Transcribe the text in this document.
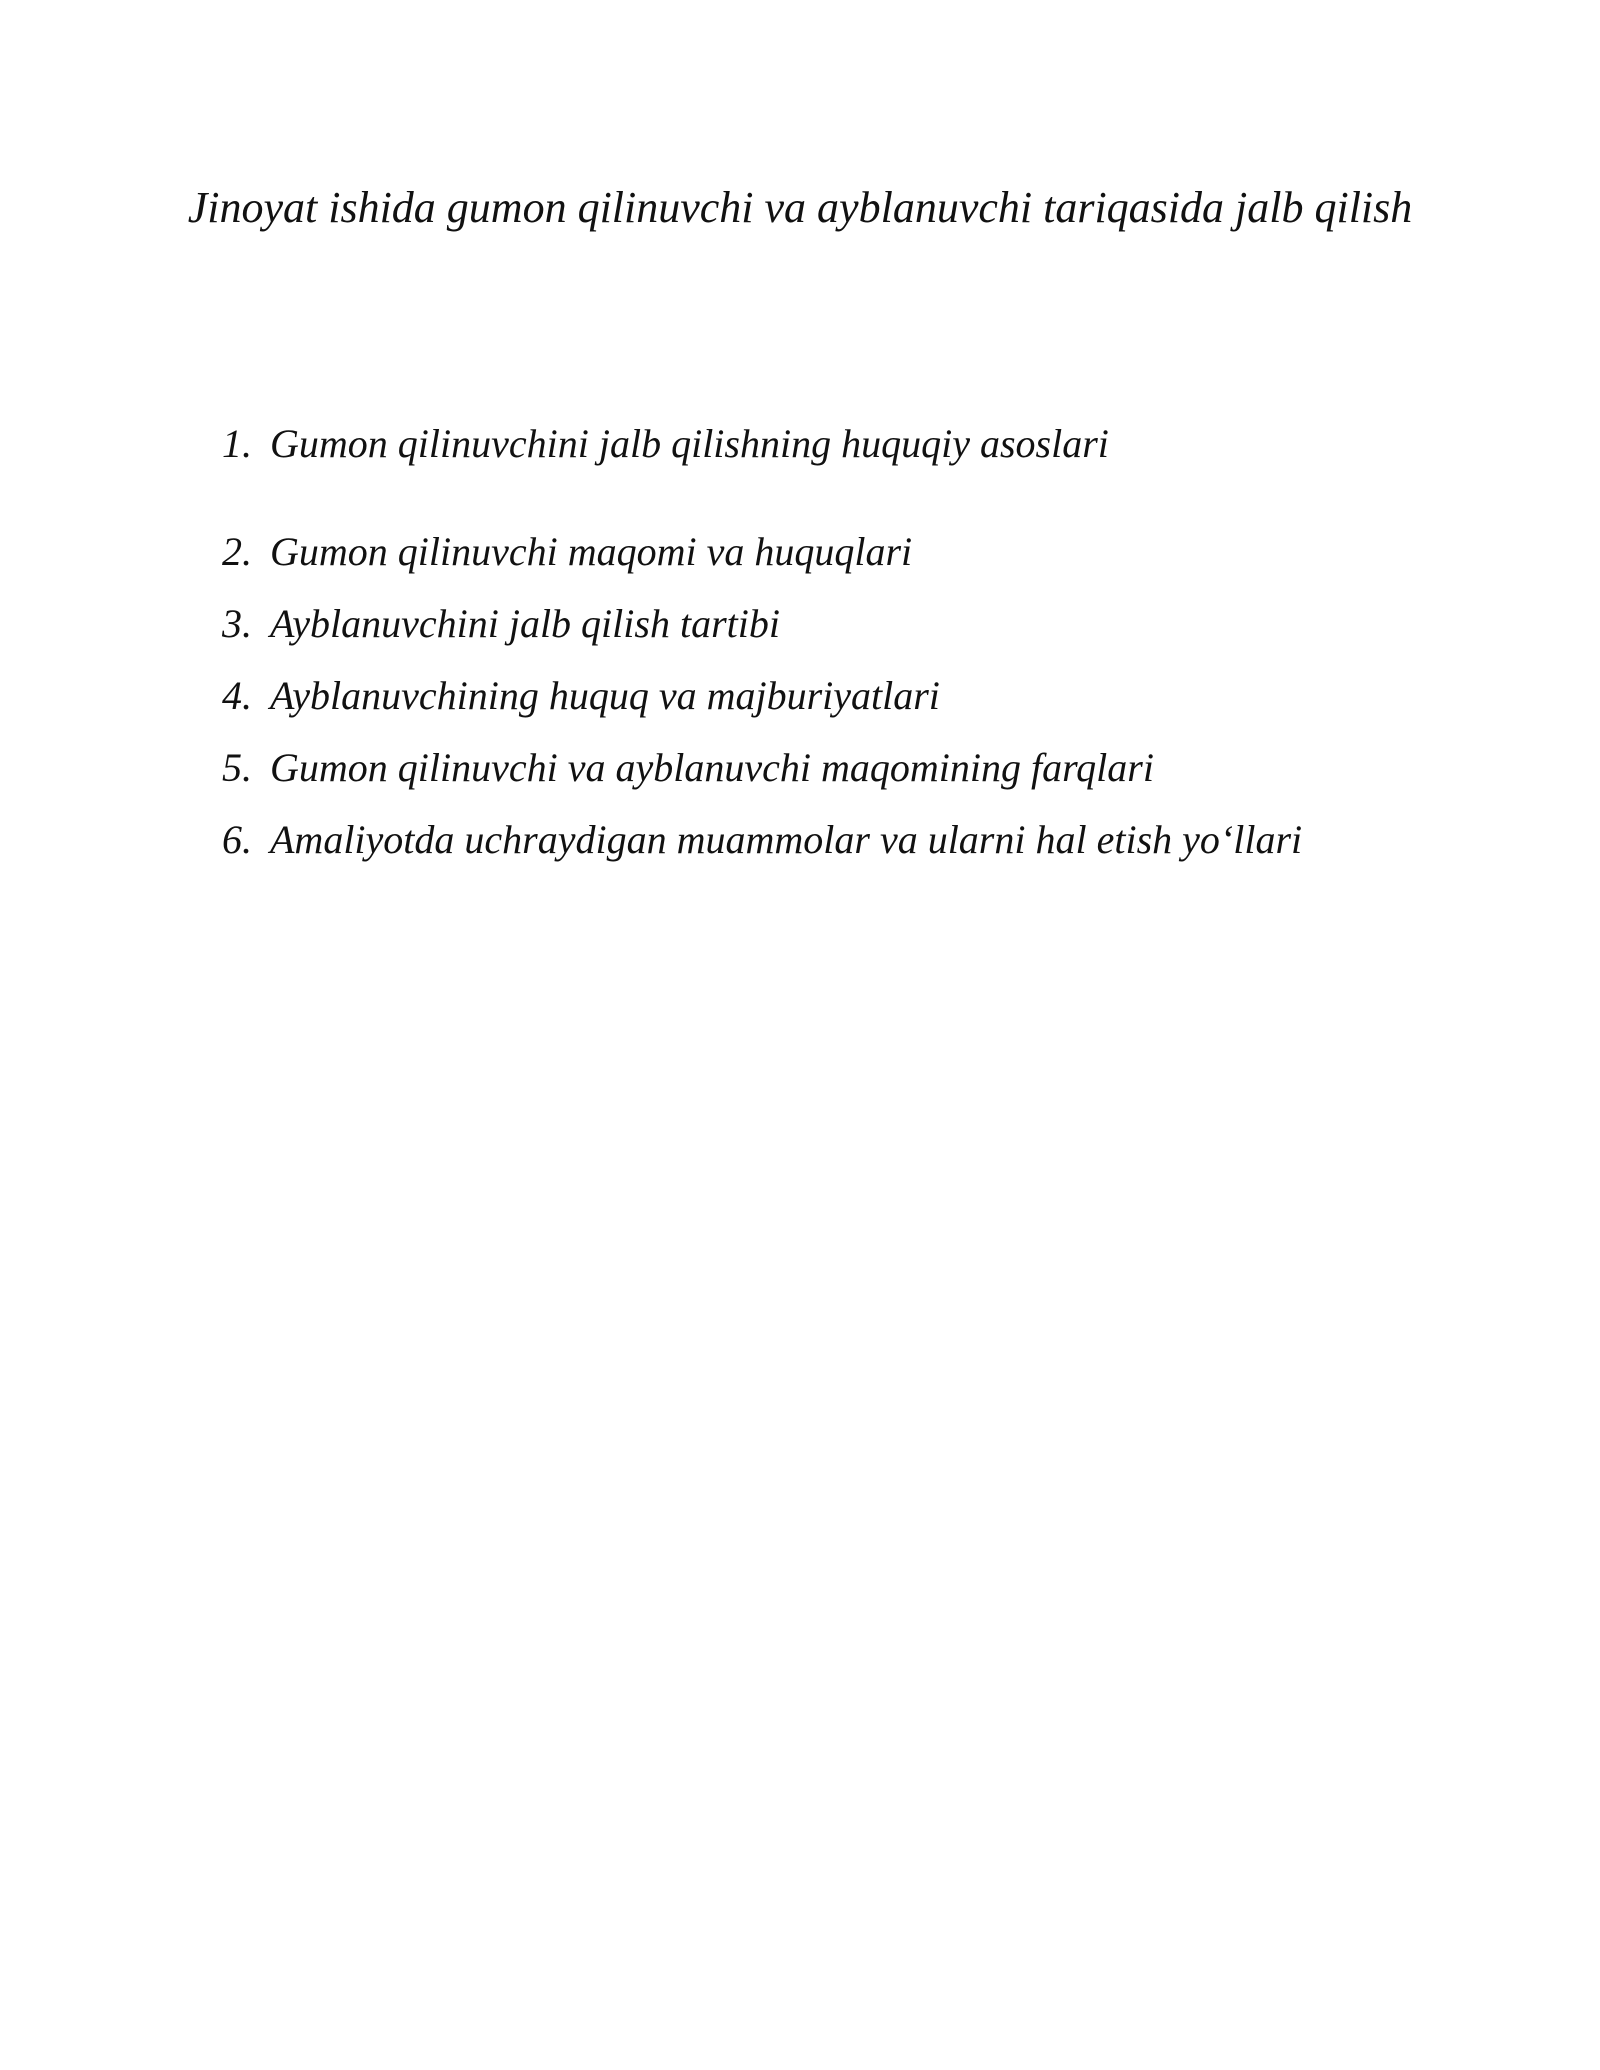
Jinoyat ishida gumon qilinuvchi va ayblanuvchi tariqasida jalb qilish
1. Gumon qilinuvchini jalb qilishning huquqiy asoslari
2. Gumon qilinuvchi maqomi va huquqlari
3. Ayblanuvchini jalb qilish tartibi
4. Ayblanuvchining huquq va majburiyatlari
5. Gumon qilinuvchi va ayblanuvchi maqomining farqlari
6. Amaliyotda uchraydigan muammolar va ularni hal etish yo‘llari
